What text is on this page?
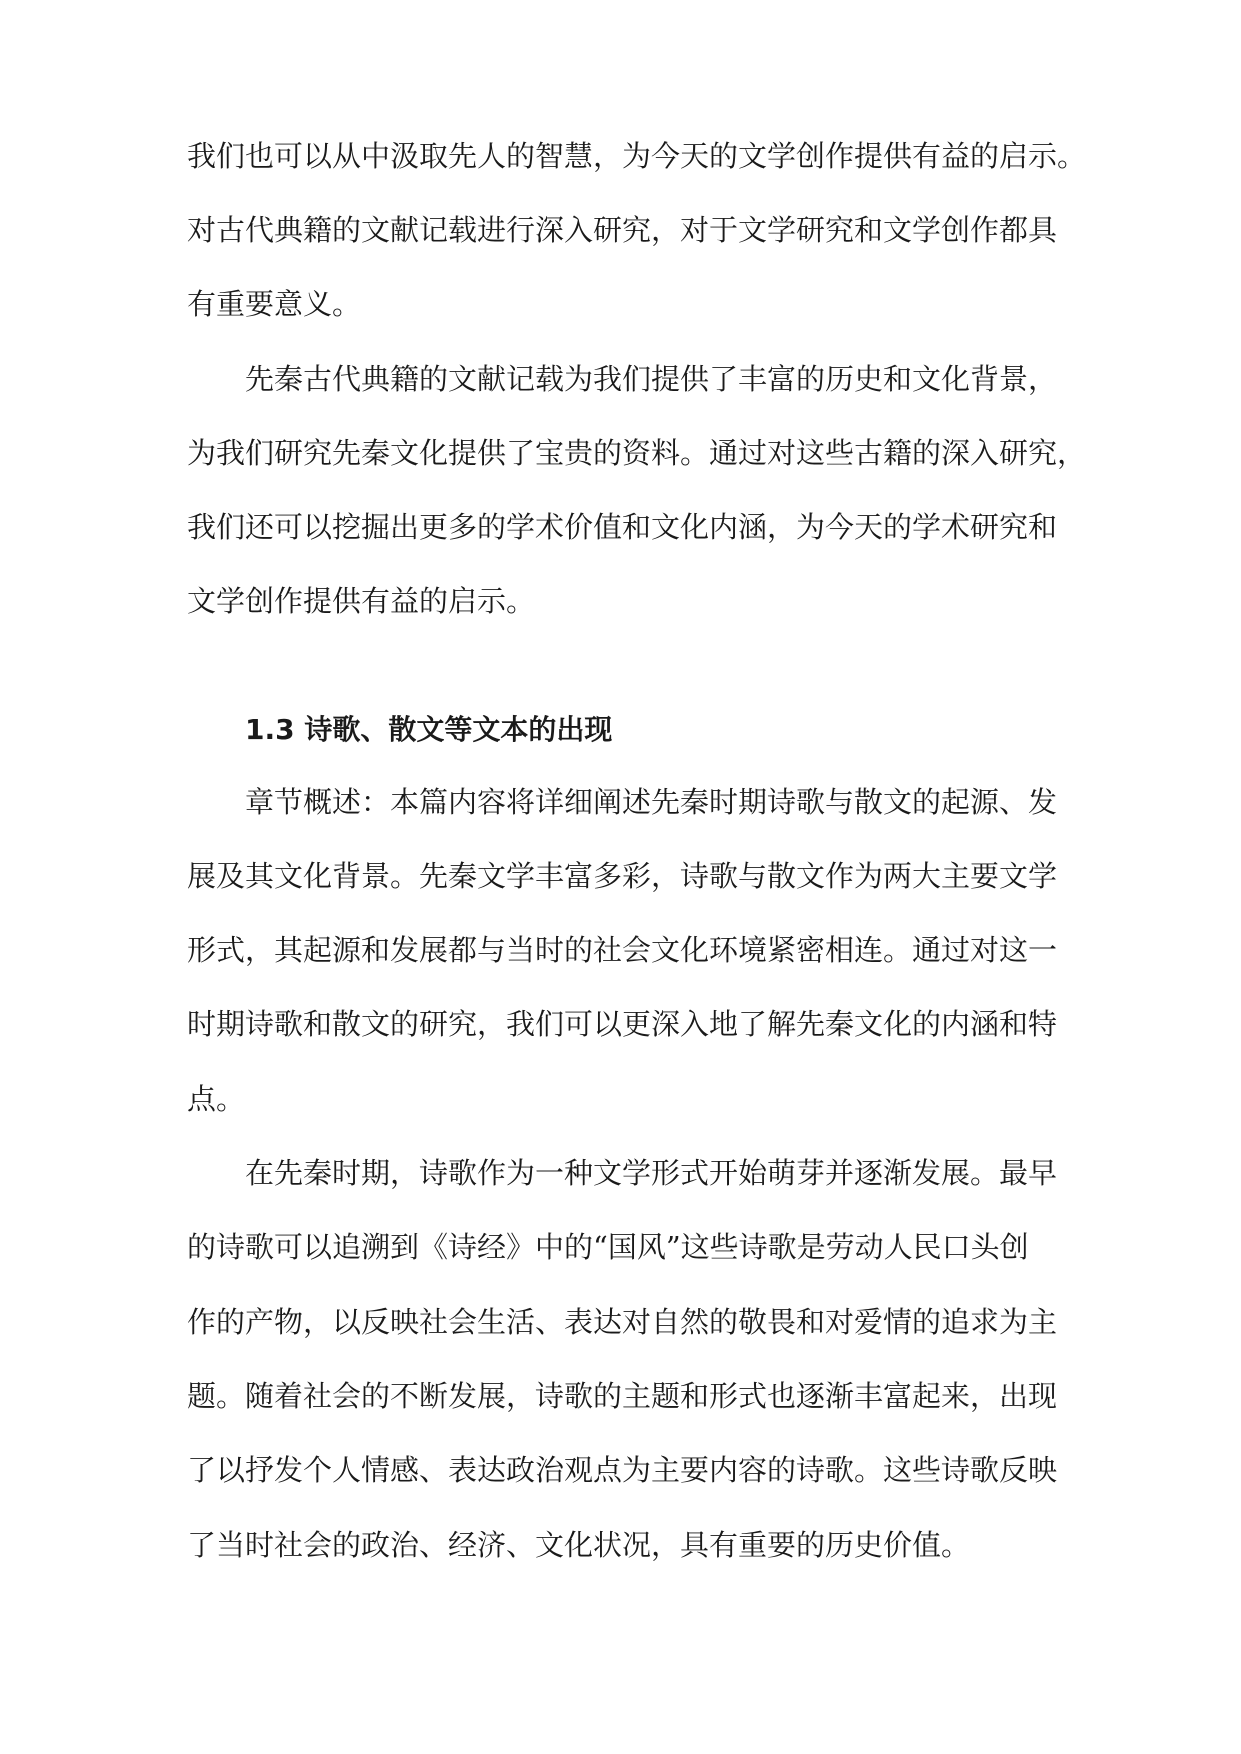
我们也可以从中汲取先人的智慧，为今天的文学创作提供有益的启示。
对古代典籍的文献记载进行深入研究，对于文学研究和文学创作都具
有重要意义。
先秦古代典籍的文献记载为我们提供了丰富的历史和文化背景，
为我们研究先秦文化提供了宝贵的资料。通过对这些古籍的深入研究，
我们还可以挖掘出更多的学术价值和文化内涵，为今天的学术研究和
文学创作提供有益的启示。
1.3 诗歌、散文等文本的出现
章节概述：本篇内容将详细阐述先秦时期诗歌与散文的起源、发
展及其文化背景。先秦文学丰富多彩，诗歌与散文作为两大主要文学
形式，其起源和发展都与当时的社会文化环境紧密相连。通过对这一
时期诗歌和散文的研究，我们可以更深入地了解先秦文化的内涵和特
点。
在先秦时期，诗歌作为一种文学形式开始萌芽并逐渐发展。最早
的诗歌可以追溯到《诗经》中的“国风”这些诗歌是劳动人民口头创
作的产物，以反映社会生活、表达对自然的敬畏和对爱情的追求为主
题。随着社会的不断发展，诗歌的主题和形式也逐渐丰富起来，出现
了以抒发个人情感、表达政治观点为主要内容的诗歌。这些诗歌反映
了当时社会的政治、经济、文化状况，具有重要的历史价值。
